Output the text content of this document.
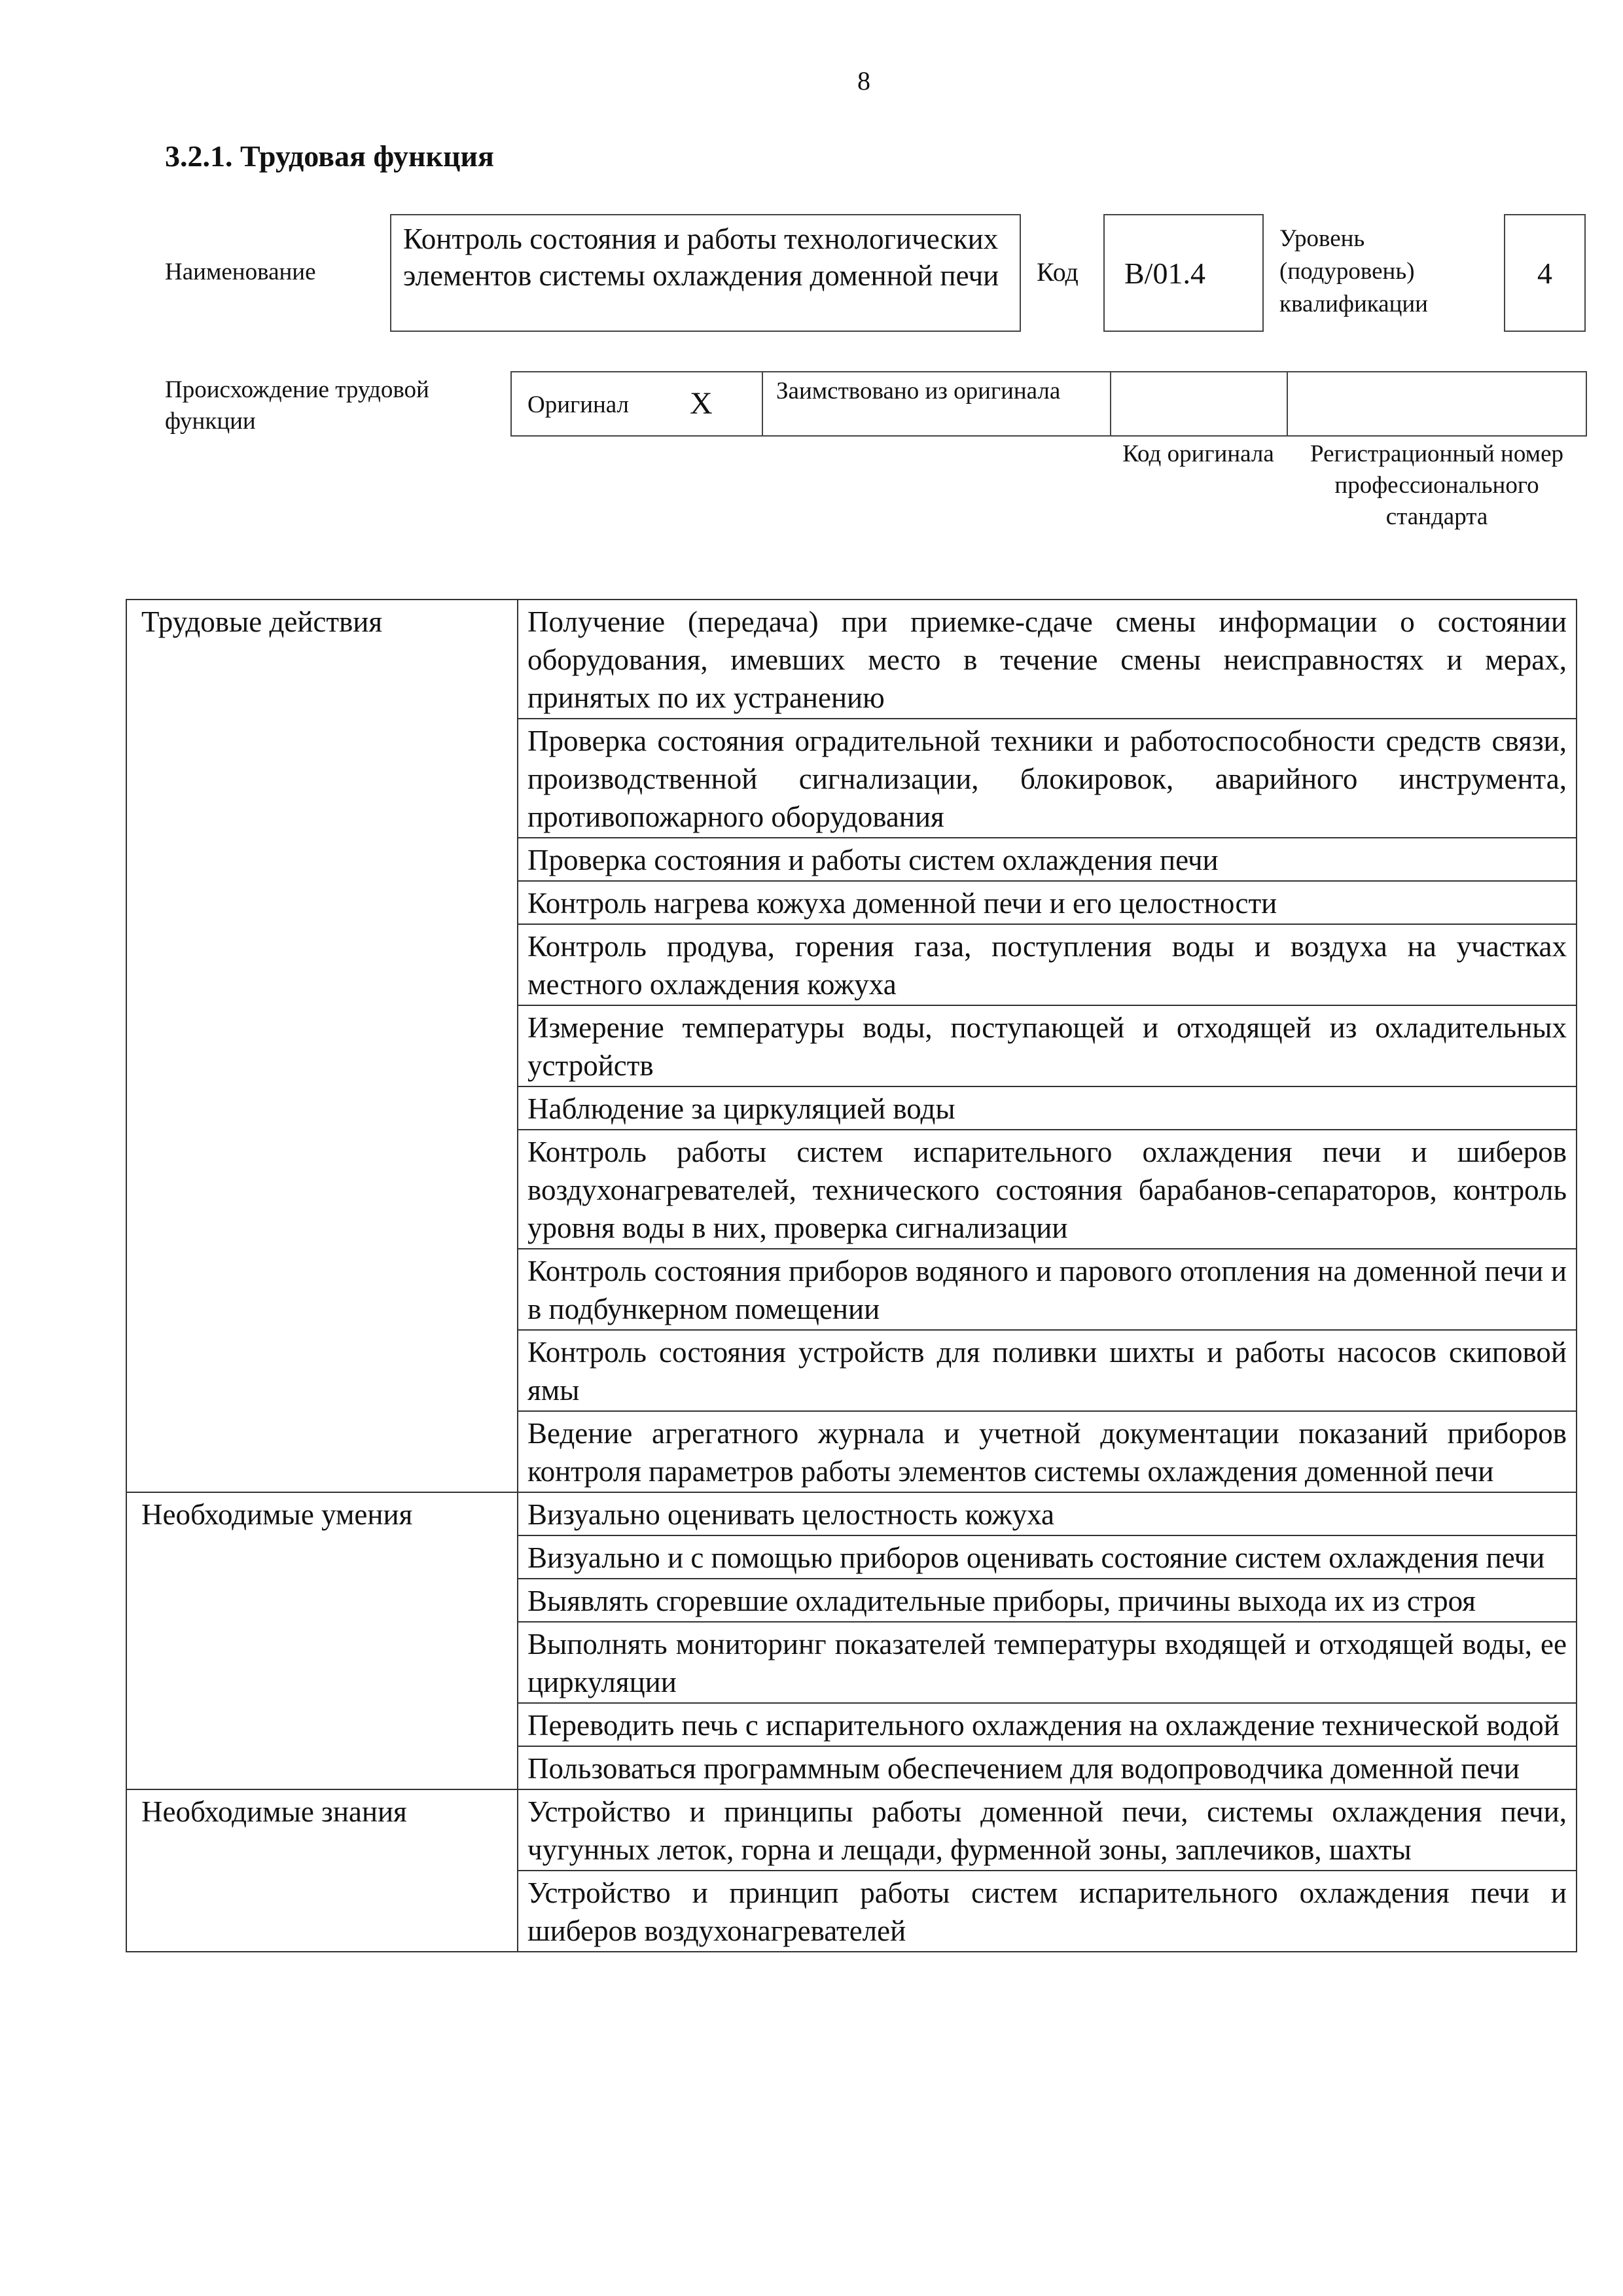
8
3.2.1. Трудовая функция
Наименование
Контроль состояния и работы технологических элементов системы охлаждения доменной печи	Код	В/01.4
Уровень (подуровень) квалификации
4
Происхождение трудовой функции
Оригинал Х	Заимствовано из оригинала
Код оригинала	Регистрационный номер профессионального стандарта
Трудовые действия	Получение (передача) при приемке-сдаче смены информации о состоянии оборудования, имевших место в течение смены неисправностях и мерах, принятых по их устранению
	Проверка состояния оградительной техники и работоспособности средств связи, производственной сигнализации, блокировок, аварийного инструмента, противопожарного оборудования
	Проверка состояния и работы систем охлаждения печи
	Контроль нагрева кожуха доменной печи и его целостности
	Контроль продува, горения газа, поступления воды и воздуха на участках местного охлаждения кожуха
	Измерение температуры воды, поступающей и отходящей из охладительных устройств
	Наблюдение за циркуляцией воды
	Контроль работы систем испарительного охлаждения печи и шиберов воздухонагревателей, технического состояния барабанов-сепараторов, контроль уровня воды в них, проверка сигнализации
	Контроль состояния приборов водяного и парового отопления на доменной печи и в подбункерном помещении
	Контроль состояния устройств для поливки шихты и работы насосов скиповой ямы
	Ведение агрегатного журнала и учетной документации показаний приборов контроля параметров работы элементов системы охлаждения доменной печи
Необходимые умения	Визуально оценивать целостность кожуха
	Визуально и с помощью приборов оценивать состояние систем охлаждения печи
	Выявлять сгоревшие охладительные приборы, причины выхода их из строя
	Выполнять мониторинг показателей температуры входящей и отходящей воды, ее циркуляции
	Переводить печь с испарительного охлаждения на охлаждение технической водой
	Пользоваться программным обеспечением для водопроводчика доменной печи
Необходимые знания	Устройство и принципы работы доменной печи, системы охлаждения печи, чугунных леток, горна и лещади, фурменной зоны, заплечиков, шахты
	Устройство и принцип работы систем испарительного охлаждения печи и шиберов воздухонагревателей
